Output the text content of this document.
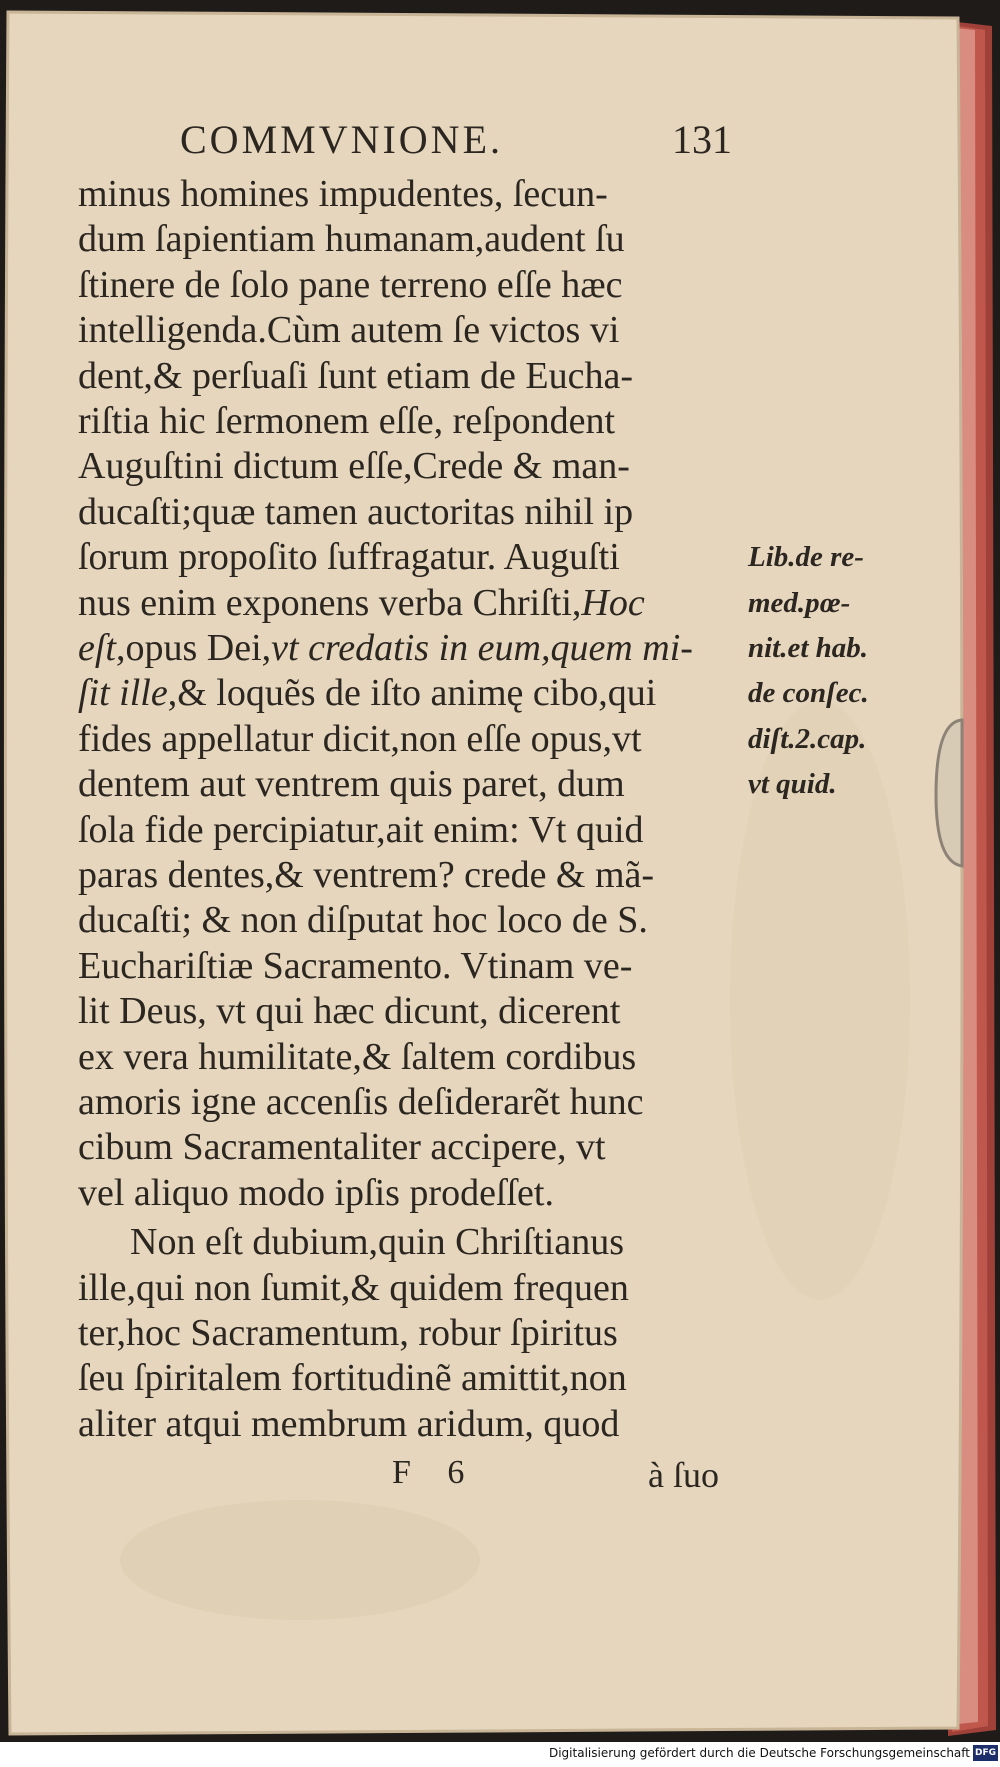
COMMVNIONE.	131
minus homines impudentes, ſecun-
dum ſapientiam humanam,audent ſu
ſtinere de ſolo pane terreno eſſe hæc
intelligenda.Cùm autem ſe victos vi
dent,& perſuaſi ſunt etiam de Eucha-
riſtia hic ſermonem eſſe, reſpondent
Auguſtini dictum eſſe,Crede & man-
ducaſti;quæ tamen auctoritas nihil ip
ſorum propoſito ſuffragatur. Auguſti
nus enim exponens verba Chriſti,Hoc
eſt,opus Dei,vt credatis in eum,quem mi-
ſit ille,& loquẽs de iſto animę cibo,qui
fides appellatur dicit,non eſſe opus,vt
dentem aut ventrem quis paret, dum
ſola fide percipiatur,ait enim: Vt quid
paras dentes,& ventrem? crede & mã-
ducaſti; & non diſputat hoc loco de S.
Euchariſtiæ Sacramento. Vtinam ve-
lit Deus, vt qui hæc dicunt, dicerent
ex vera humilitate,& ſaltem cordibus
amoris igne accenſis deſiderarẽt hunc
cibum Sacramentaliter accipere, vt
vel aliquo modo ipſis prodeſſet.
Non eſt dubium,quin Chriſtianus
ille,qui non ſumit,& quidem frequen
ter,hoc Sacramentum, robur ſpiritus
ſeu ſpiritalem fortitudinẽ amittit,non
aliter atqui membrum aridum, quod
Lib.de re-
med.pœ-
nit.et hab.
de conſec.
diſt.2.cap.
vt quid.
F 6	à ſuo
Digitalisierung gefördert durch die Deutsche Forschungsgemeinschaft DFG
